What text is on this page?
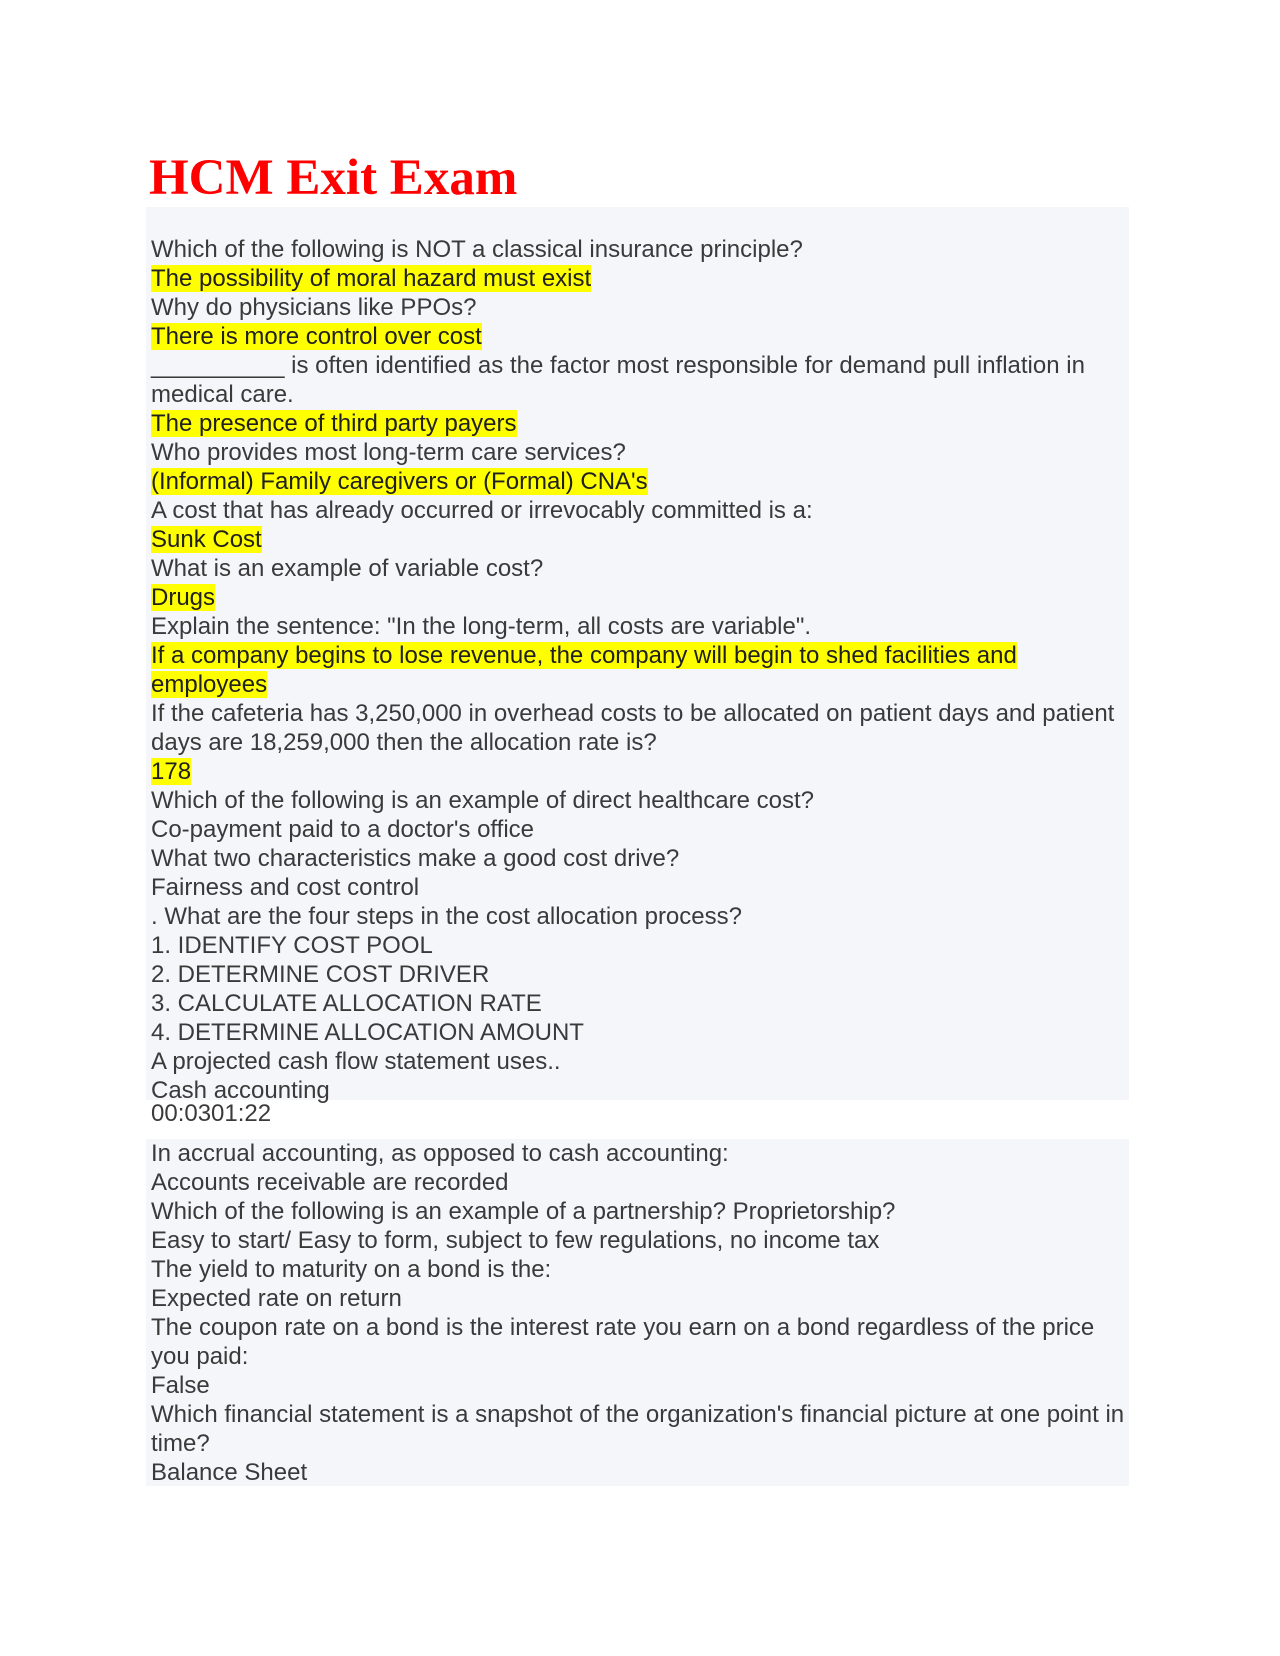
HCM Exit Exam
Which of the following is NOT a classical insurance principle?
The possibility of moral hazard must exist
Why do physicians like PPOs?
There is more control over cost
__________ is often identified as the factor most responsible for demand pull inflation in medical care.
The presence of third party payers
Who provides most long-term care services?
(Informal) Family caregivers or (Formal) CNA's
A cost that has already occurred or irrevocably committed is a:
Sunk Cost
What is an example of variable cost?
Drugs
Explain the sentence: "In the long-term, all costs are variable".
If a company begins to lose revenue, the company will begin to shed facilities and employees
If the cafeteria has 3,250,000 in overhead costs to be allocated on patient days and patient days are 18,259,000 then the allocation rate is?
178
Which of the following is an example of direct healthcare cost?
Co-payment paid to a doctor's office
What two characteristics make a good cost drive?
Fairness and cost control
. What are the four steps in the cost allocation process?
1. IDENTIFY COST POOL
2. DETERMINE COST DRIVER
3. CALCULATE ALLOCATION RATE
4. DETERMINE ALLOCATION AMOUNT
A projected cash flow statement uses..
Cash accounting
00:0301:22
In accrual accounting, as opposed to cash accounting:
Accounts receivable are recorded
Which of the following is an example of a partnership? Proprietorship?
Easy to start/ Easy to form, subject to few regulations, no income tax
The yield to maturity on a bond is the:
Expected rate on return
The coupon rate on a bond is the interest rate you earn on a bond regardless of the price you paid:
False
Which financial statement is a snapshot of the organization's financial picture at one point in time?
Balance Sheet
